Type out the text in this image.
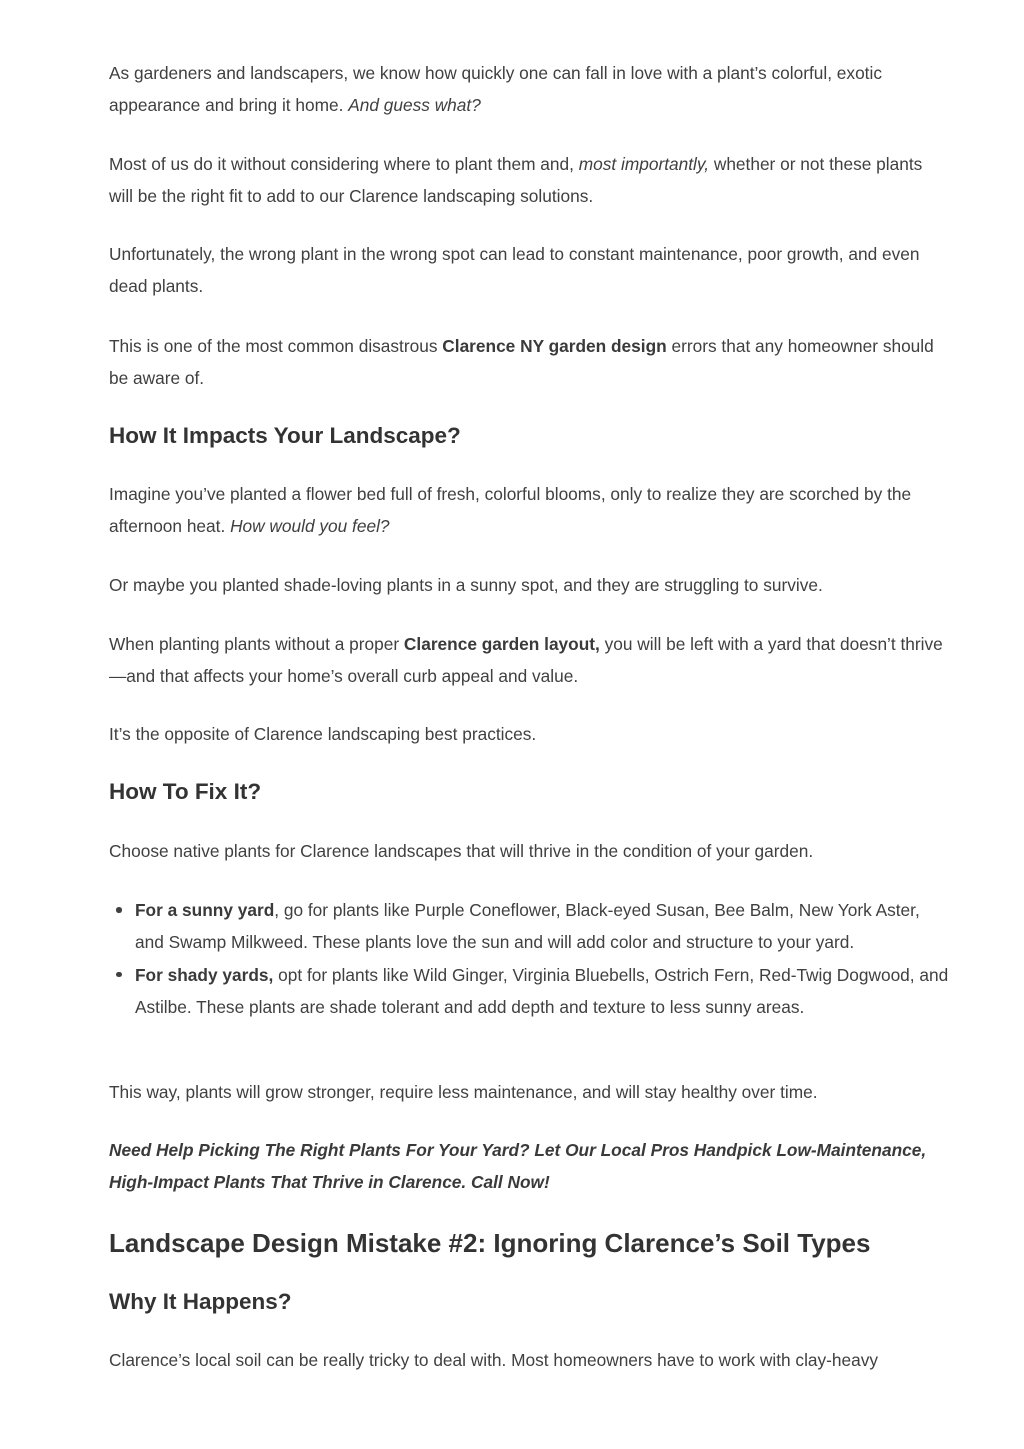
As gardeners and landscapers, we know how quickly one can fall in love with a plant’s colorful, exotic appearance and bring it home. And guess what?

Most of us do it without considering where to plant them and, most importantly, whether or not these plants will be the right fit to add to our Clarence landscaping solutions.

Unfortunately, the wrong plant in the wrong spot can lead to constant maintenance, poor growth, and even dead plants.

This is one of the most common disastrous Clarence NY garden design errors that any homeowner should be aware of.

How It Impacts Your Landscape?

Imagine you’ve planted a flower bed full of fresh, colorful blooms, only to realize they are scorched by the afternoon heat. How would you feel?

Or maybe you planted shade-loving plants in a sunny spot, and they are struggling to survive.

When planting plants without a proper Clarence garden layout, you will be left with a yard that doesn’t thrive—and that affects your home’s overall curb appeal and value.

It’s the opposite of Clarence landscaping best practices.

How To Fix It?

Choose native plants for Clarence landscapes that will thrive in the condition of your garden.

For a sunny yard, go for plants like Purple Coneflower, Black-eyed Susan, Bee Balm, New York Aster, and Swamp Milkweed. These plants love the sun and will add color and structure to your yard.
For shady yards, opt for plants like Wild Ginger, Virginia Bluebells, Ostrich Fern, Red-Twig Dogwood, and Astilbe. These plants are shade tolerant and add depth and texture to less sunny areas.

This way, plants will grow stronger, require less maintenance, and will stay healthy over time.

Need Help Picking The Right Plants For Your Yard? Let Our Local Pros Handpick Low-Maintenance, High-Impact Plants That Thrive in Clarence. Call Now!

Landscape Design Mistake #2: Ignoring Clarence’s Soil Types
Why It Happens?

Clarence’s local soil can be really tricky to deal with. Most homeowners have to work with clay-heavy
